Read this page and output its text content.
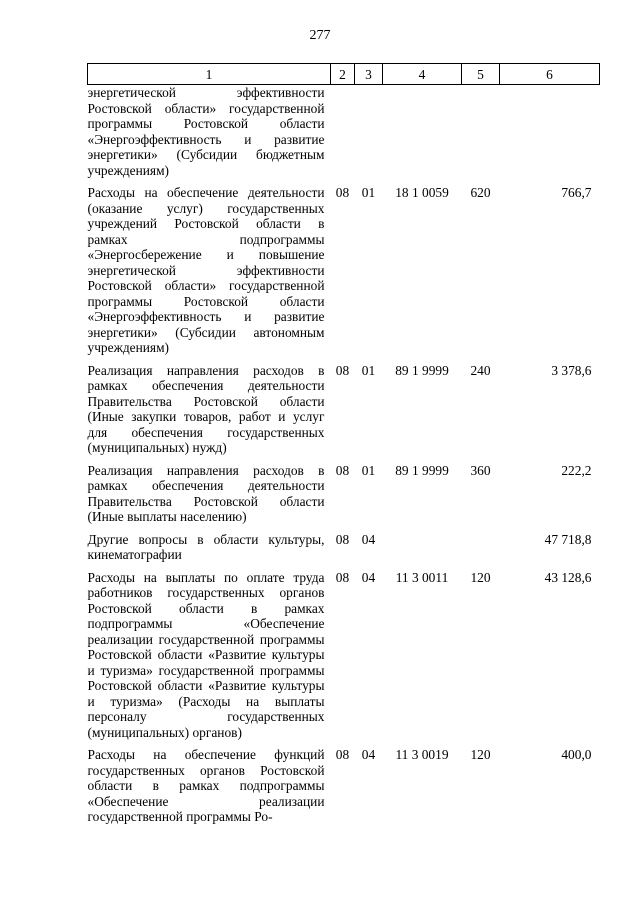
277
1	2	3	4	5	6
энергетической эффективности Ростовской области» государственной программы Ростовской области «Энергоэффективность и развитие энергетики» (Субсидии бюджетным учреждениям)					
Расходы на обеспечение деятельности (оказание услуг) государственных учреждений Ростовской области в рамках подпрограммы «Энергосбережение и повышение энергетической эффективности Ростовской области» государственной программы Ростовской области «Энергоэффективность и развитие энергетики» (Субсидии автономным учреждениям)	08	01	18 1 0059	620	766,7
Реализация направления расходов в рамках обеспечения деятельности Правительства Ростовской области (Иные закупки товаров, работ и услуг для обеспечения государственных (муниципальных) нужд)	08	01	89 1 9999	240	3 378,6
Реализация направления расходов в рамках обеспечения деятельности Правительства Ростовской области (Иные выплаты населению)	08	01	89 1 9999	360	222,2
Другие вопросы в области культуры, кинематографии	08	04			47 718,8
Расходы на выплаты по оплате труда работников государственных органов Ростовской области в рамках подпрограммы «Обеспечение реализации государственной программы Ростовской области «Развитие культуры и туризма» государственной программы Ростовской области «Развитие культуры и туризма» (Расходы на выплаты персоналу государственных (муниципальных) органов)	08	04	11 3 0011	120	43 128,6
Расходы на обеспечение функций государственных органов Ростовской области в рамках подпрограммы «Обеспечение реализации государственной программы Ро-	08	04	11 3 0019	120	400,0
